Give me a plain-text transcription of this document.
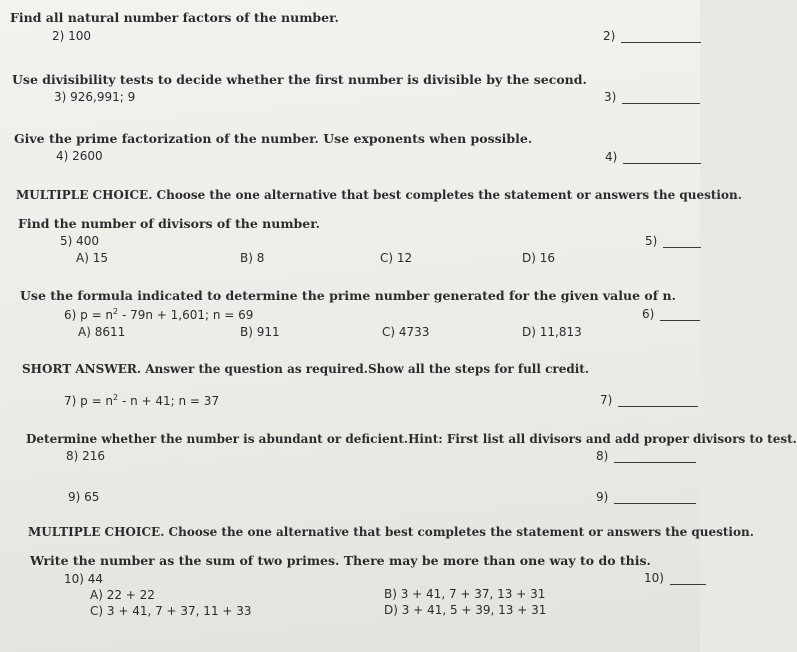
Find all natural number factors of the number.
2) 100	2)
Use divisibility tests to decide whether the first number is divisible by the second.
3) 926,991; 9	3)
Give the prime factorization of the number. Use exponents when possible.
4) 2600	4)
MULTIPLE CHOICE. Choose the one alternative that best completes the statement or answers the question.
Find the number of divisors of the number.
5) 400	5)
A) 15	B) 8	C) 12	D) 16
Use the formula indicated to determine the prime number generated for the given value of n.
6) $p = n^2 - 79n + 1,601$; n = 69	6)
A) 8611	B) 911	C) 4733	D) 11,813
SHORT ANSWER. Answer the question as required.Show all the steps for full credit.
7) $p = n^2 - n + 41$; n = 37	7)
Determine whether the number is abundant or deficient.Hint: First list all divisors and add proper divisors to test.
8) 216	8)
9) 65	9)
MULTIPLE CHOICE. Choose the one alternative that best completes the statement or answers the question.
Write the number as the sum of two primes. There may be more than one way to do this.
10) 44	10)
A) 22 + 22	B) 3 + 41, 7 + 37, 13 + 31
C) 3 + 41, 7 + 37, 11 + 33	D) 3 + 41, 5 + 39, 13 + 31
